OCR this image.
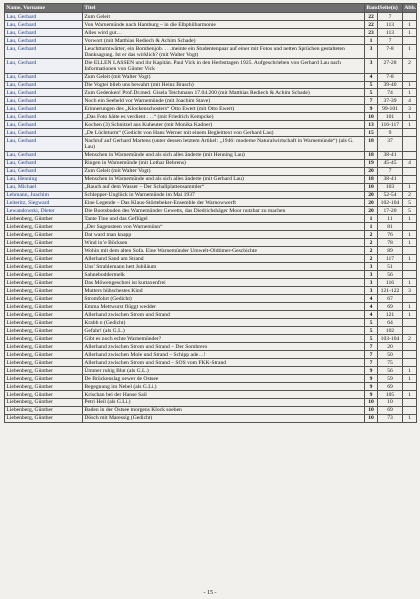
Name, Vorname	Titel	Band	Seite(n)	Abb.
Lau, Gerhard	Zum Geleit	22	7	
Lau, Gerhard	Von Warnemünde nach Hamburg – in die Elbphilharmonie	22	113	1
Lau, Gerhard	Alles wird gut…	23	113	1
Lau, Gerhard	Vorwort (mit Matthias Rediech & Achim Schade)	1	7	
Lau, Gerhard	Leuchtturmwärter, ein Bombenjob. . . .meinte ein Studentenpaar auf einer mit Fotos und netten Sprüchen gestalteten Danksagung. Ist er das wirklich? (mit Walter Vogt)	3	7-8	1
Lau, Gerhard	Die ELLEN LASSEN und ihr Kapitän. Paul Vick in den Herbsttagen 1925. Aufgeschrieben von Gerhard Lau nach Informationen von Günter Vick	3	27-28	2
Lau, Gerhard	Zum Geleit (mit Walter Vogt)	4	7-8	
Lau, Gerhard	Die Vogtei blieb uns bewahrt (mit Heinz Brasch)	5	39-40	1
Lau, Gerhard	Zum Gedenken! Prof.Dr.med. Gisela Teichmann 17.04.200 (mit Matthias Rediech & Achim Schade)	5	74	1
Lau, Gerhard	Noch ein Seeheld vor Warnemünde (mit Joachim Stave)	7	37-39	4
Lau, Gerhard	Erinnerungen des „Klockenschosters“ Otto Ewert (mit Otto Ewert)	9	99-101	3
Lau, Gerhard	„Das Foto hätte es verdient . . .“ (mit Friedrich Kempcke)	10	101	1
Lau, Gerhard	Kochen (3) Schnitzel aus Kuheuter (mit Monika Kadner)	13	116-117	1
Lau, Gerhard	„De Lüchtturm“ (Gedicht von Hans Werner mit einem Begleittext von Gerhard Lau)	15	9	
Lau, Gerhard	Nachruf auf Gerhard Martens (unter dessen letztem Artikel: „1946: moderne Naturalwirtschaft in Warnemünde“) (als G. Lau)	18	37	
Lau, Gerhard	Menschen in Warnemünde und als sich alles änderte (mit Henning Lau)	18	38-41	
Lau, Gerhard	Ringen in Warnemünde (mit Lothar Behrens)	19	45-45	4
Lau, Gerhard	Zum Geleit (mit Walter Vogt)	20	7	
Lau, Henning	Menschen in Warnemünde und als sich alles änderte (mit Gerhard Lau)	18	38-41	
Lau, Michael	„Rauch auf dem Wasser – Der Schallplattensammler“	10	103	1
Lehmann, Joachim	Schlepper-Unglück in Warnemünde im Mai 1937	20	52-54	2
Leiteritz, Siegward	Eine Legende – Das Klaus-Störtebeker-Ensemble der Warnowwerft	20	102-104	5
Lewandowski, Dieter	Die Bootsbuden des Warnemünder Gewetts, das Diedrichshäger Moor nutzbar zu machen	20	17-20	5
Liebenberg, Günther	Tante Tine und das Geflügel	1	11	1
Liebenberg, Günther	„Der Sagensteen von Warnemünn“	1	81	
Liebenberg, Günther	Dat ward man knapp	2	76	1
Liebenberg, Günther	Wind in’e Böcksen	2	78	1
Liebenberg, Günther	Wohin mit dem alten Sofa. Eine Warnemünder Umwelt-Oldtimer-Geschichte	2	89	
Liebenberg, Günther	Allerhand Sand am Strand	2	117	1
Liebenberg, Günther	Uns’ Strahlemann hett Jubiläum	3	51	
Liebenberg, Günther	Sahneboddermelk	3	56	
Liebenberg, Günther	Das Möwengeschrei ist kurtaxenfrei	3	116	1
Liebenberg, Günther	Mutters hübschestes Kind	3	121-122	3
Liebenberg, Günther	Stromfohrt (Gedicht)	4	67	
Liebenberg, Günther	Emma Mettwurst flüggt wedder	4	69	1
Liebenberg, Günther	Allerhand zwischen Strom und Strand	4	121	1
Liebenberg, Günther	Krabb n (Gedicht)	5	64	
Liebenberg, Günther	Gefahr! (als G.L.)	5	102	
Liebenberg, Günther	Gibt es noch echte Warnemünder?	5	103-104	2
Liebenberg, Günther	Allerhand zwischen Strom und Strand – Der Sombrero	7	20	
Liebenberg, Günther	Allerhand zwischen Mole und Strand – Schipp ade…!	7	50	
Liebenberg, Günther	Allerhand zwischen Strom und Strand – SOS vom FKK-Strand	7	75	
Liebenberg, Günther	Ümmer ruhig Blut (als G.L.)	9	56	1
Liebenberg, Günther	De Brückenslag oewer de Ostsee	9	59	1
Liebenberg, Günther	Begegnung im Nebel (als G.Li.)	9	69	
Liebenberg, Günther	Krischan bei der Hanse Sail	9	105	1
Liebenberg, Günther	Petri Heil (als G.Li.)	10	10	
Liebenberg, Günther	Baden in der Ostsee morgens Klock soeben	10	69	
Liebenberg, Günther	Dösch mit Maressig (Gedicht)	10	73	1
- 15 -
